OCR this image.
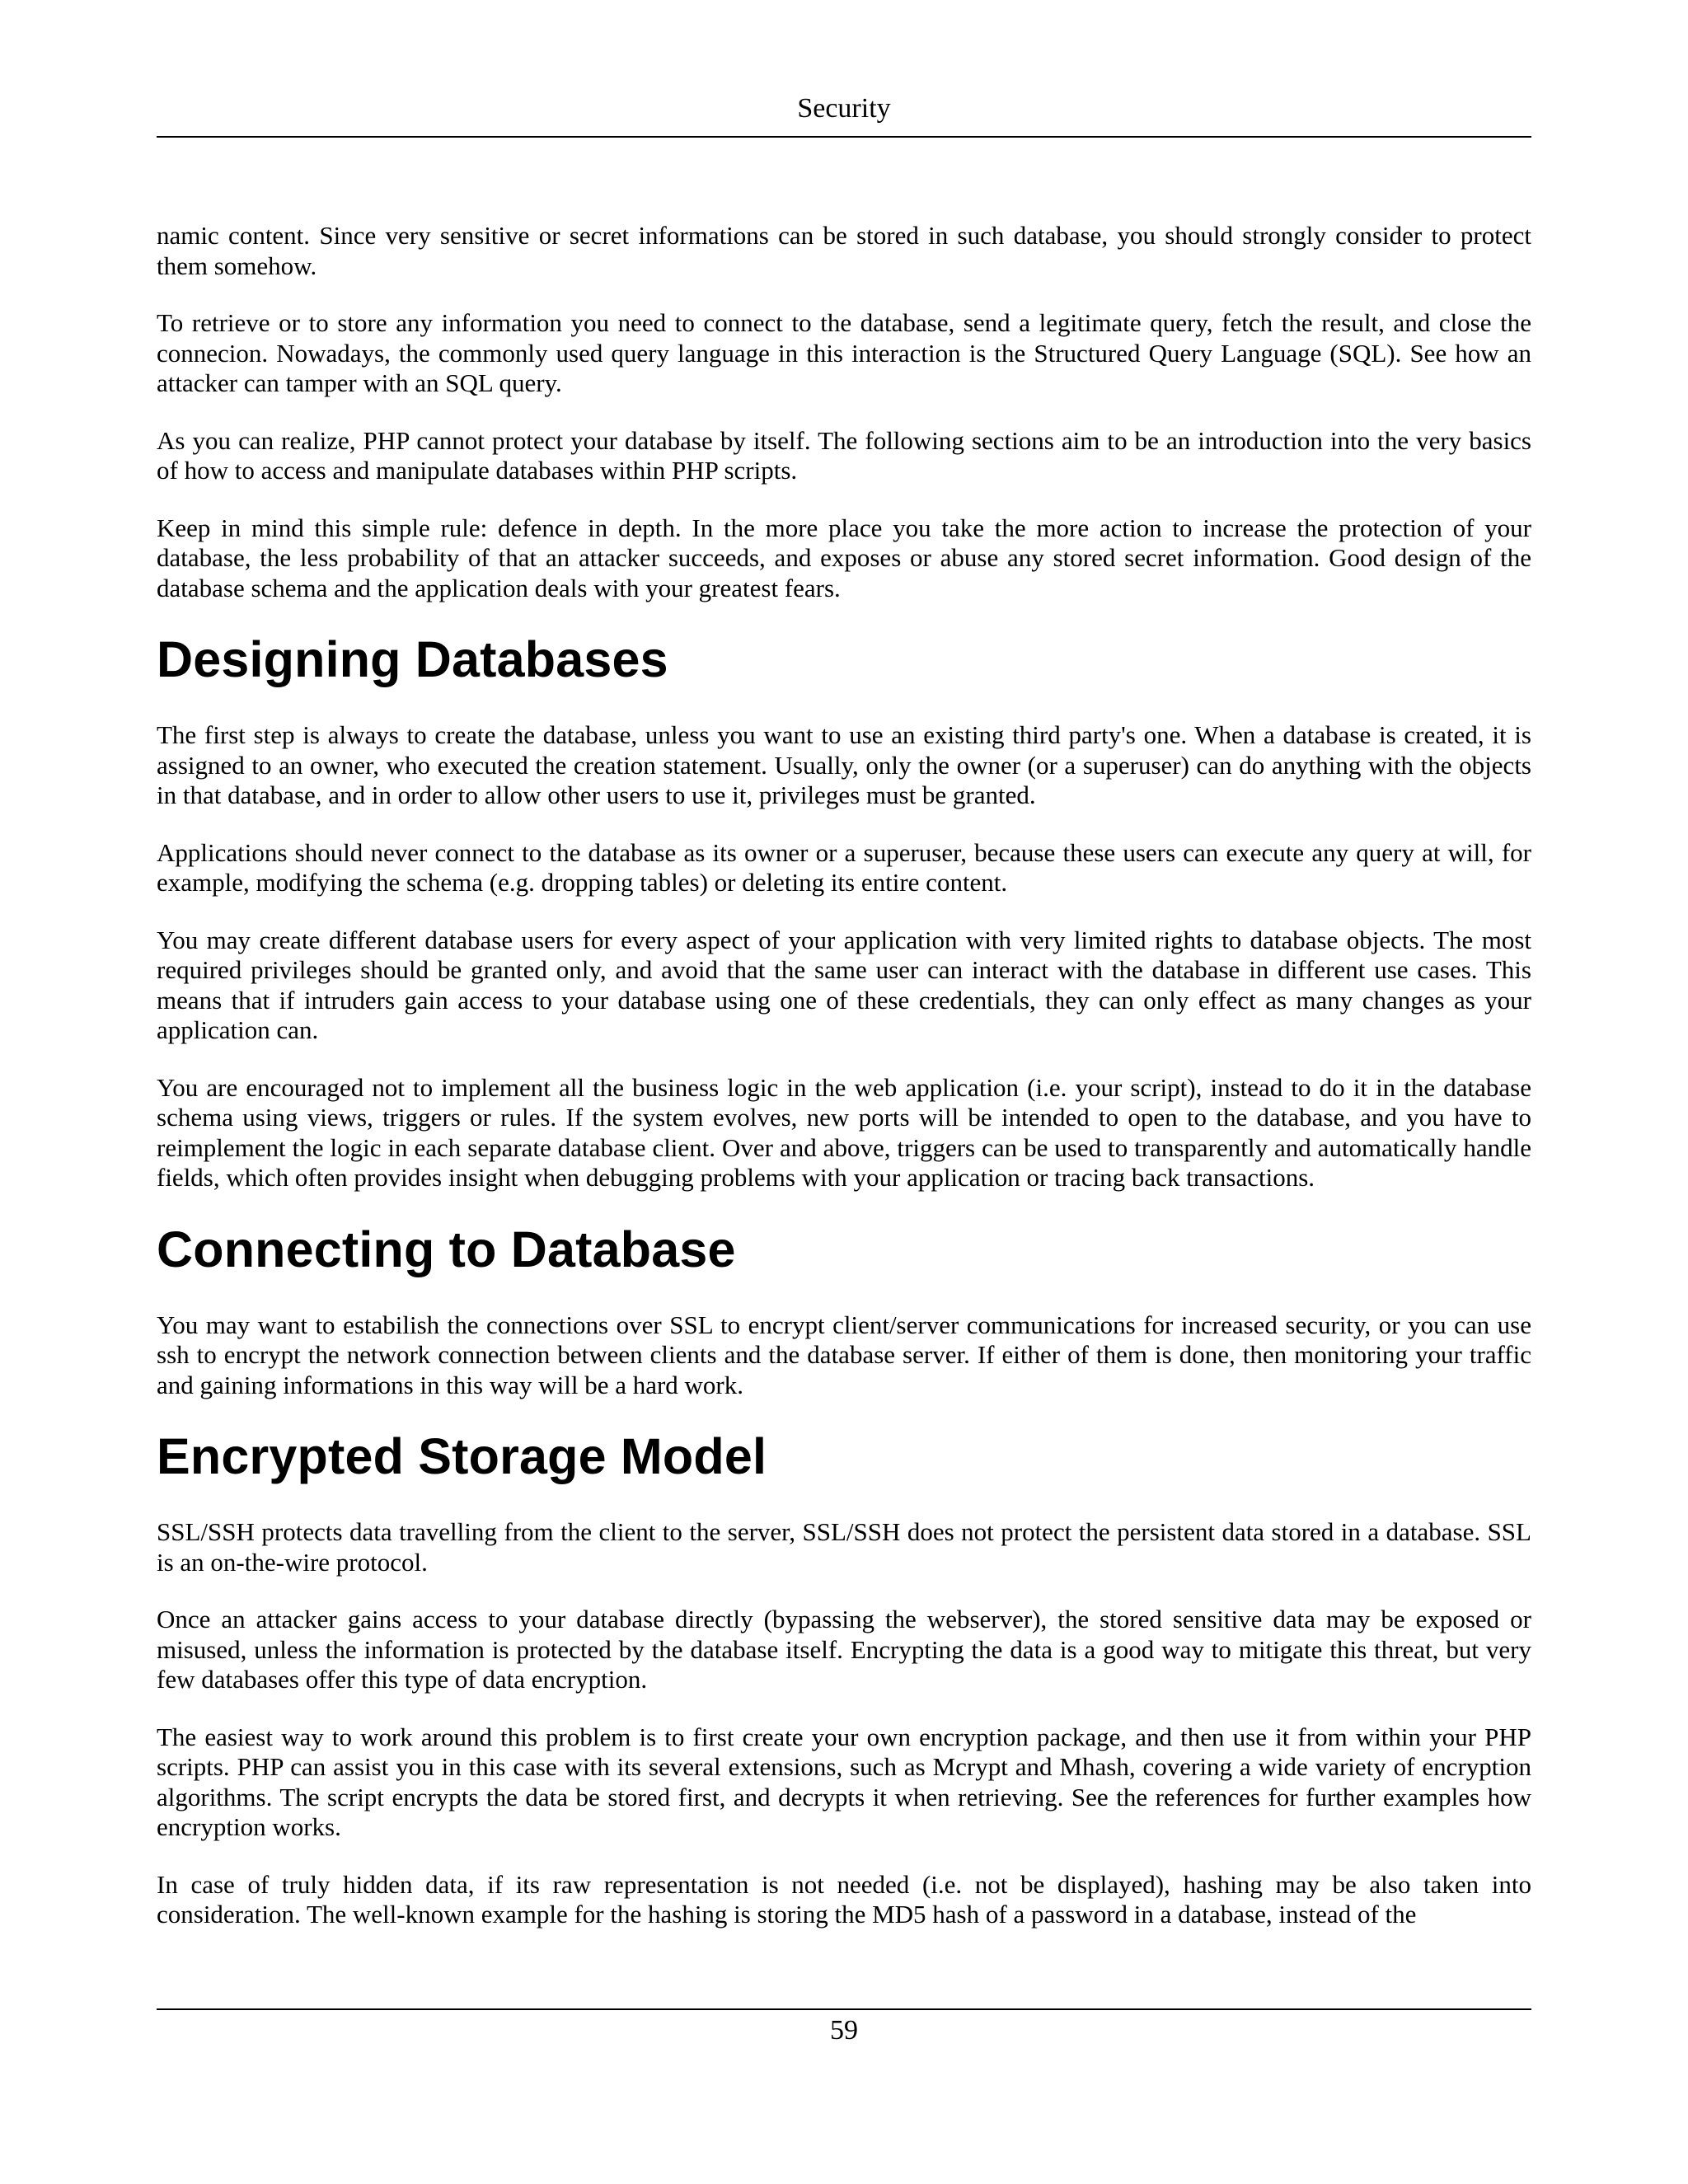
Security

namic content. Since very sensitive or secret informations can be stored in such database, you should strongly consider to protect them somehow.

To retrieve or to store any information you need to connect to the database, send a legitimate query, fetch the result, and close the connecion. Nowadays, the commonly used query language in this interaction is the Structured Query Language (SQL). See how an attacker can tamper with an SQL query.

As you can realize, PHP cannot protect your database by itself. The following sections aim to be an introduction into the very basics of how to access and manipulate databases within PHP scripts.

Keep in mind this simple rule: defence in depth. In the more place you take the more action to increase the protection of your database, the less probability of that an attacker succeeds, and exposes or abuse any stored secret information. Good design of the database schema and the application deals with your greatest fears.

Designing Databases

The first step is always to create the database, unless you want to use an existing third party's one. When a database is created, it is assigned to an owner, who executed the creation statement. Usually, only the owner (or a superuser) can do anything with the objects in that database, and in order to allow other users to use it, privileges must be granted.

Applications should never connect to the database as its owner or a superuser, because these users can execute any query at will, for example, modifying the schema (e.g. dropping tables) or deleting its entire content.

You may create different database users for every aspect of your application with very limited rights to database objects. The most required privileges should be granted only, and avoid that the same user can interact with the database in different use cases. This means that if intruders gain access to your database using one of these credentials, they can only effect as many changes as your application can.

You are encouraged not to implement all the business logic in the web application (i.e. your script), instead to do it in the database schema using views, triggers or rules. If the system evolves, new ports will be intended to open to the database, and you have to reimplement the logic in each separate database client. Over and above, triggers can be used to transparently and automatically handle fields, which often provides insight when debugging problems with your application or tracing back transactions.

Connecting to Database

You may want to estabilish the connections over SSL to encrypt client/server communications for increased security, or you can use ssh to encrypt the network connection between clients and the database server. If either of them is done, then monitoring your traffic and gaining informations in this way will be a hard work.

Encrypted Storage Model

SSL/SSH protects data travelling from the client to the server, SSL/SSH does not protect the persistent data stored in a database. SSL is an on-the-wire protocol.

Once an attacker gains access to your database directly (bypassing the webserver), the stored sensitive data may be exposed or misused, unless the information is protected by the database itself. Encrypting the data is a good way to mitigate this threat, but very few databases offer this type of data encryption.

The easiest way to work around this problem is to first create your own encryption package, and then use it from within your PHP scripts. PHP can assist you in this case with its several extensions, such as Mcrypt and Mhash, covering a wide variety of encryption algorithms. The script encrypts the data be stored first, and decrypts it when retrieving. See the references for further examples how encryption works.

In case of truly hidden data, if its raw representation is not needed (i.e. not be displayed), hashing may be also taken into consideration. The well-known example for the hashing is storing the MD5 hash of a password in a database, instead of the

59
